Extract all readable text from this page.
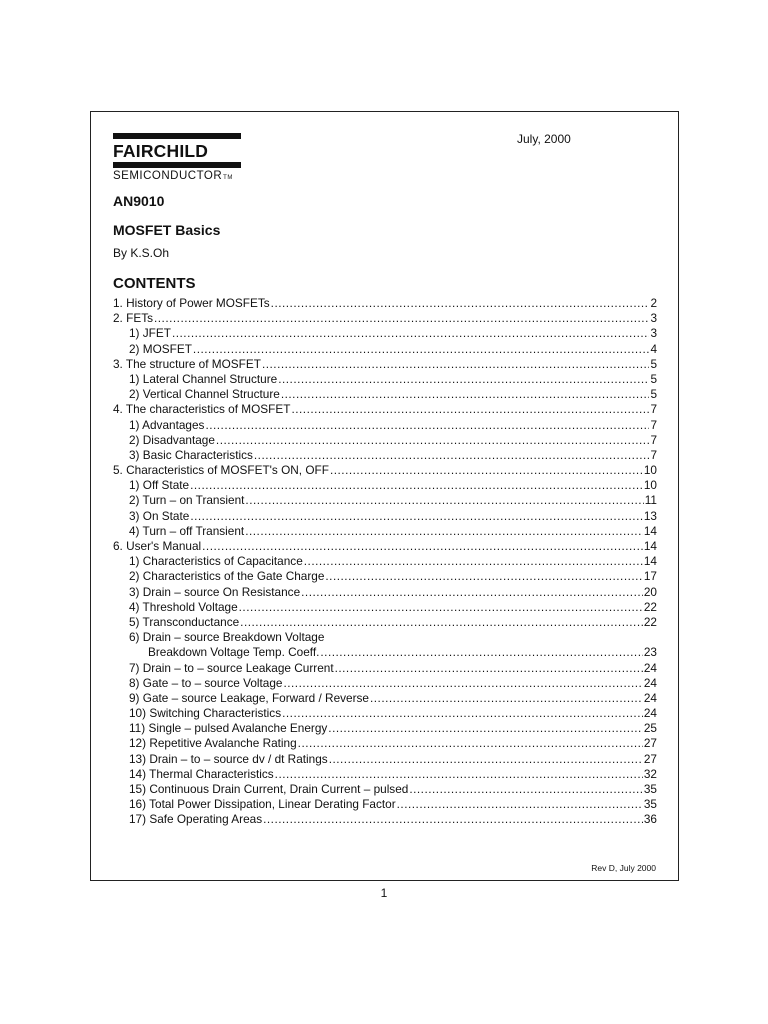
FAIRCHILD
SEMICONDUCTORTM
July, 2000
AN9010
MOSFET Basics
By K.S.Oh
CONTENTS
1. History of Power MOSFETs .....	2
2. FETs .....	3
1) JFET .....	3
2) MOSFET .....	4
3. The structure of MOSFET .....	5
1) Lateral Channel Structure .....	5
2) Vertical Channel Structure .....	5
4. The characteristics of MOSFET .....	7
1) Advantages .....	7
2) Disadvantage .....	7
3) Basic Characteristics .....	7
5. Characteristics of MOSFET's ON, OFF .....	10
1) Off State .....	10
2) Turn – on Transient .....	11
3) On State .....	13
4) Turn – off Transient .....	14
6. User's Manual .....	14
1) Characteristics of Capacitance .....	14
2) Characteristics of the Gate Charge .....	17
3) Drain – source On Resistance .....	20
4) Threshold Voltage .....	22
5) Transconductance .....	22
6) Drain – source Breakdown Voltage
Breakdown Voltage Temp. Coeff. .....	23
7) Drain – to – source Leakage Current .....	24
8) Gate – to – source Voltage .....	24
9) Gate – source Leakage, Forward / Reverse .....	24
10) Switching Characteristics .....	24
11) Single – pulsed Avalanche Energy .....	25
12) Repetitive Avalanche Rating .....	27
13) Drain – to – source dv / dt Ratings .....	27
14) Thermal Characteristics .....	32
15) Continuous Drain Current, Drain Current – pulsed .....	35
16) Total Power Dissipation, Linear Derating Factor .....	35
17) Safe Operating Areas .....	36
Rev D, July 2000
1
